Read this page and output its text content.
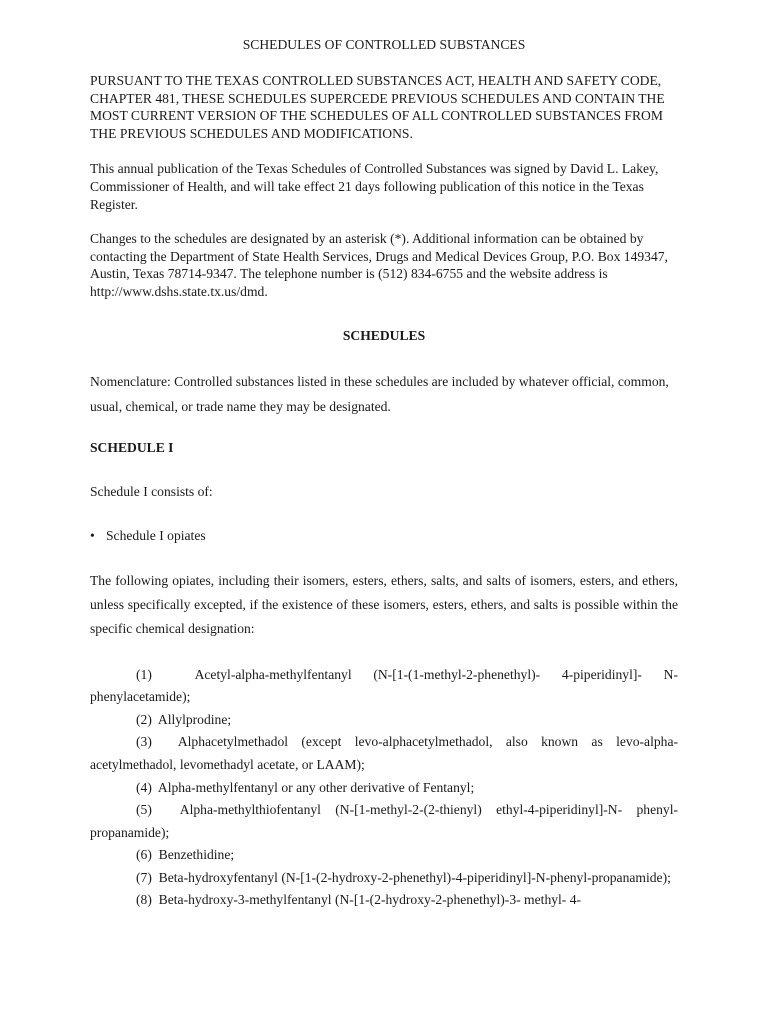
SCHEDULES OF CONTROLLED SUBSTANCES
PURSUANT TO THE TEXAS CONTROLLED SUBSTANCES ACT, HEALTH AND SAFETY CODE, CHAPTER 481, THESE SCHEDULES SUPERCEDE PREVIOUS SCHEDULES AND CONTAIN THE MOST CURRENT VERSION OF THE SCHEDULES OF ALL CONTROLLED SUBSTANCES FROM THE PREVIOUS SCHEDULES AND MODIFICATIONS.
This annual publication of the Texas Schedules of Controlled Substances was signed by David L. Lakey, Commissioner of Health, and will take effect 21 days following publication of this notice in the Texas Register.
Changes to the schedules are designated by an asterisk (*). Additional information can be obtained by contacting the Department of State Health Services, Drugs and Medical Devices Group, P.O. Box 149347, Austin, Texas 78714-9347. The telephone number is (512) 834-6755 and the website address is http://www.dshs.state.tx.us/dmd.
SCHEDULES
Nomenclature: Controlled substances listed in these schedules are included by whatever official, common, usual, chemical, or trade name they may be designated.
SCHEDULE I
Schedule I consists of:
• Schedule I opiates
The following opiates, including their isomers, esters, ethers, salts, and salts of isomers, esters, and ethers, unless specifically excepted, if the existence of these isomers, esters, ethers, and salts is possible within the specific chemical designation:
(1)	Acetyl-alpha-methylfentanyl (N-[1-(1-methyl-2-phenethyl)- 4-piperidinyl]- N-phenylacetamide);
(2) Allylprodine;
(3) Alphacetylmethadol (except levo-alphacetylmethadol, also known as levo-alpha-acetylmethadol, levomethadyl acetate, or LAAM);
(4) Alpha-methylfentanyl or any other derivative of Fentanyl;
(5) Alpha-methylthiofentanyl (N-[1-methyl-2-(2-thienyl) ethyl-4-piperidinyl]-N- phenyl-propanamide);
(6) Benzethidine;
(7) Beta-hydroxyfentanyl (N-[1-(2-hydroxy-2-phenethyl)-4-piperidinyl]-N-phenyl-propanamide);
(8) Beta-hydroxy-3-methylfentanyl (N-[1-(2-hydroxy-2-phenethyl)-3- methyl- 4-
